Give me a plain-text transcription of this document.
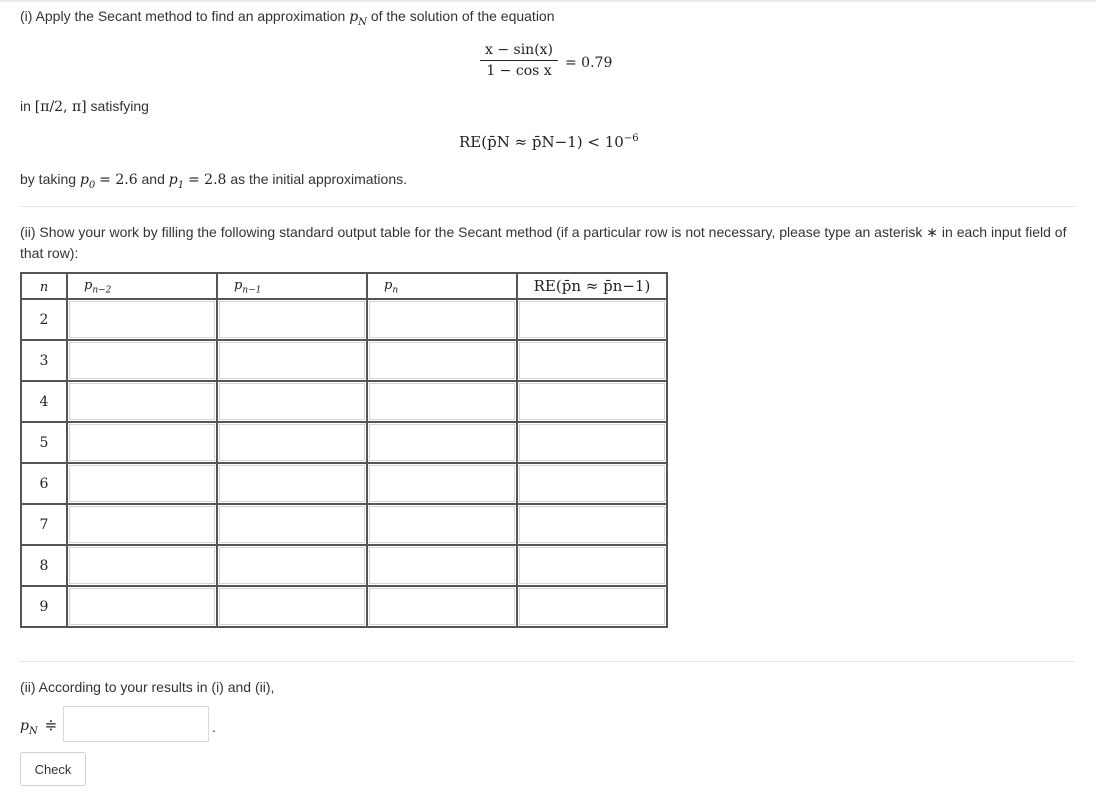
(i) Apply the Secant method to find an approximation $p_N$ of the solution of the equation
x − sin(x)
1 − cos x = 0.79
in [π/2, π] satisfying
RE(p̄N ≈ p̄N−1) < $10^{-6}$
by taking $p_0 = 2.6$ and $p_1 = 2.8$ as the initial approximations.
(ii) Show your work by filling the following standard output table for the Secant method (if a particular row is not necessary, please type an asterisk ∗ in each input field of that row):
n	$p_{n-2}$	$p_{n-1}$	$p_n$	RE(p̄n ≈ p̄n−1)
2	

3	

4	

5	

6	

7	

8	

9	

(ii) According to your results in (i) and (ii),
$p_N$ ≑	.
Check
